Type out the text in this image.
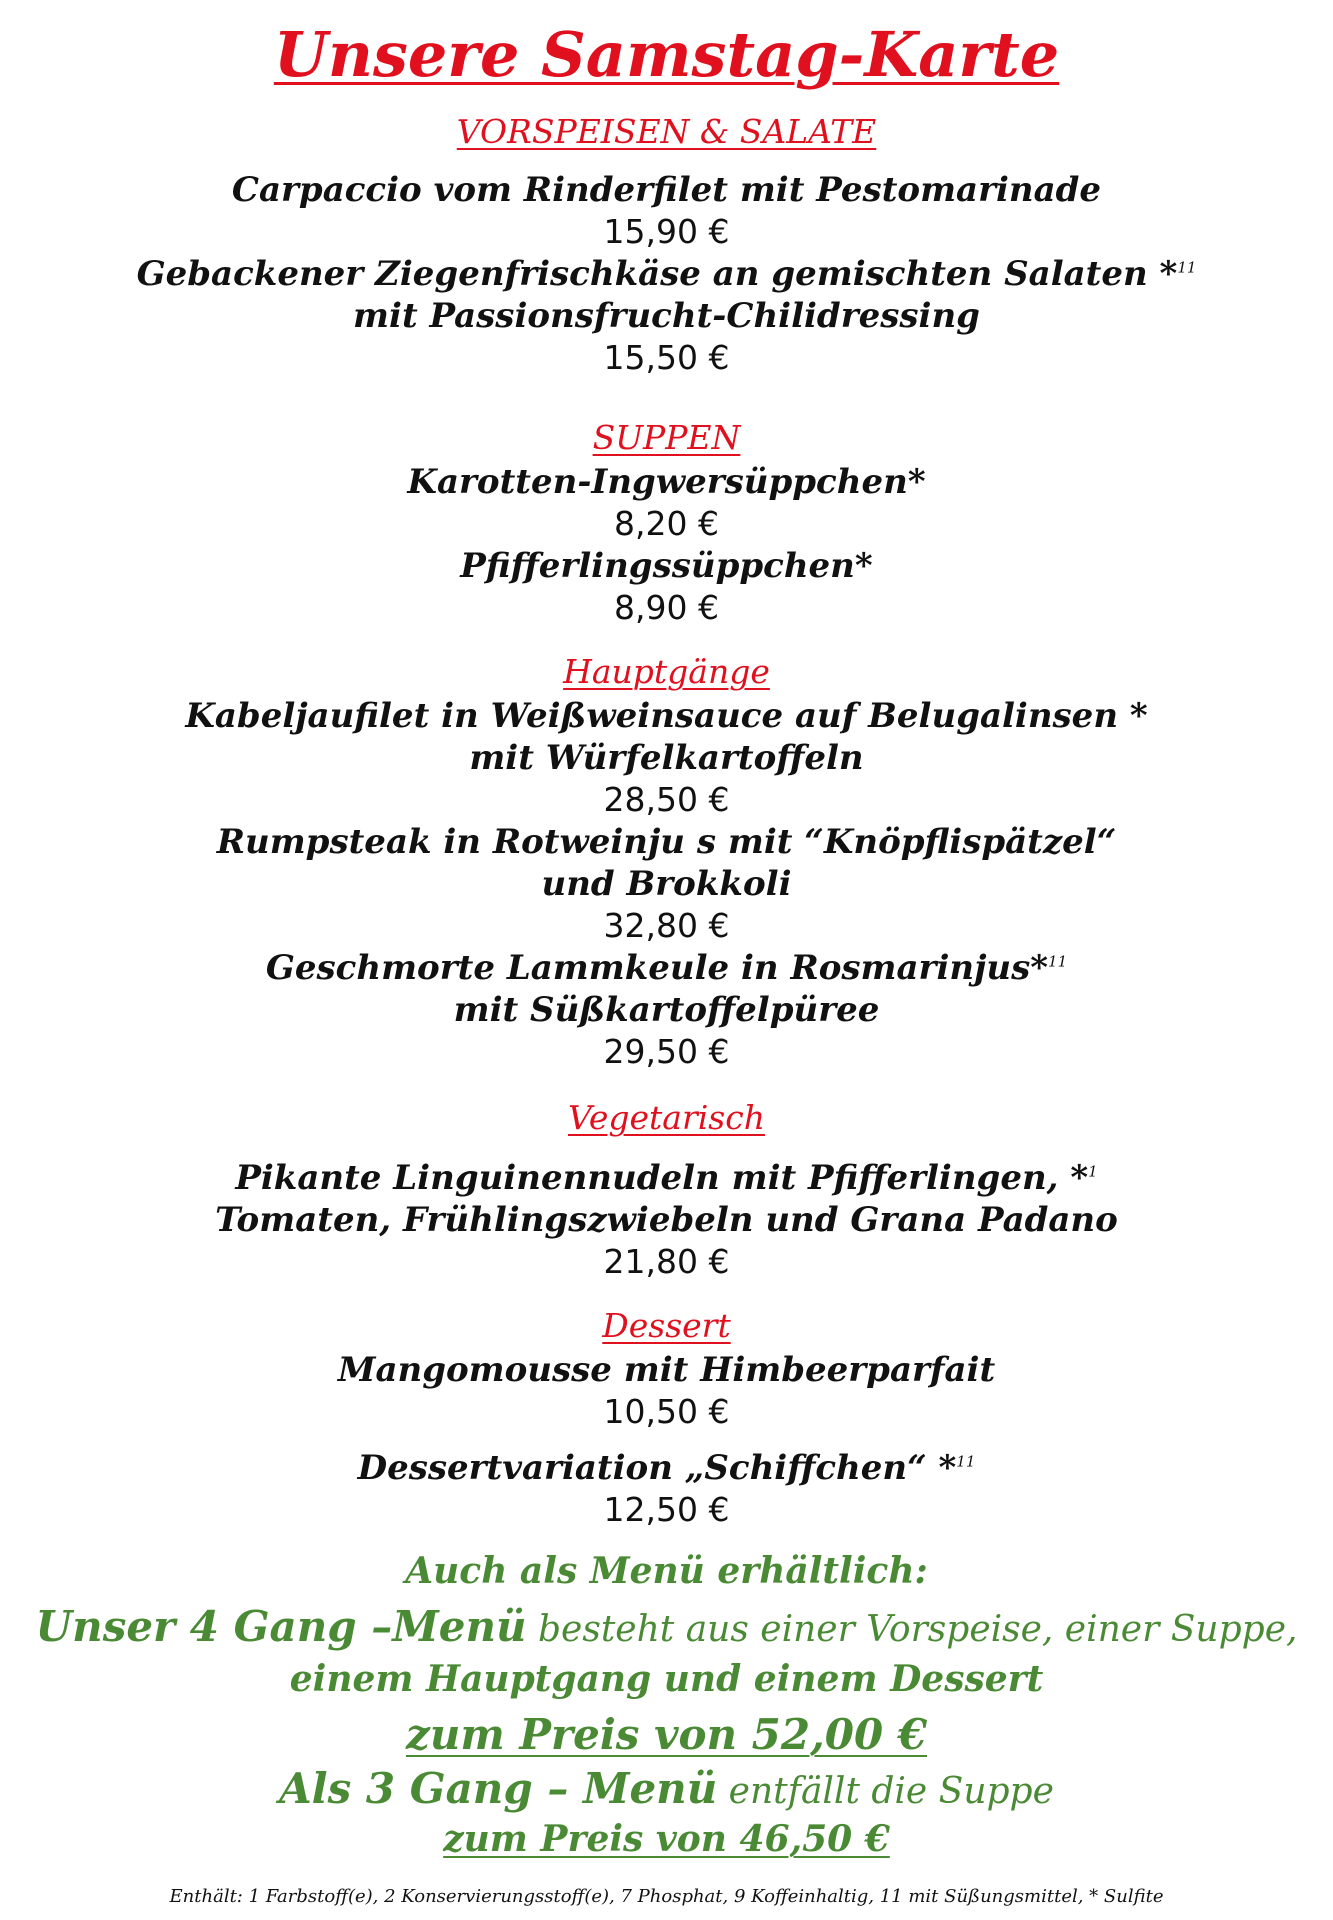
Unsere Samstag-Karte
VORSPEISEN & SALATE
Carpaccio vom Rinderfilet mit Pestomarinade
15,90 €
Gebackener Ziegenfrischkäse an gemischten Salaten *$^{11}$
mit Passionsfrucht-Chilidressing
15,50 €
SUPPEN
Karotten-Ingwersüppchen*
8,20 €
Pfifferlingssüppchen*
8,90 €
Hauptgänge
Kabeljaufilet in Weißweinsauce auf Belugalinsen *
mit Würfelkartoffeln
28,50 €
Rumpsteak in Rotweinju s mit “Knöpflispätzel“
und Brokkoli
32,80 €
Geschmorte Lammkeule in Rosmarinjus*$^{11}$
mit Süßkartoffelpüree
29,50 €
Vegetarisch
Pikante Linguinennudeln mit Pfifferlingen, *$^1$
Tomaten, Frühlingszwiebeln und Grana Padano
21,80 €
Dessert
Mangomousse mit Himbeerparfait
10,50 €
Dessertvariation „Schiffchen“ *$^{11}$
12,50 €
Auch als Menü erhältlich:
Unser 4 Gang –Menü besteht aus einer Vorspeise, einer Suppe,
einem Hauptgang und einem Dessert
zum Preis von 52,00 €
Als 3 Gang – Menü entfällt die Suppe
zum Preis von 46,50 €
Enthält: 1 Farbstoff(e), 2 Konservierungsstoff(e), 7 Phosphat, 9 Koffeinhaltig, 11 mit Süßungsmittel, * Sulfite
